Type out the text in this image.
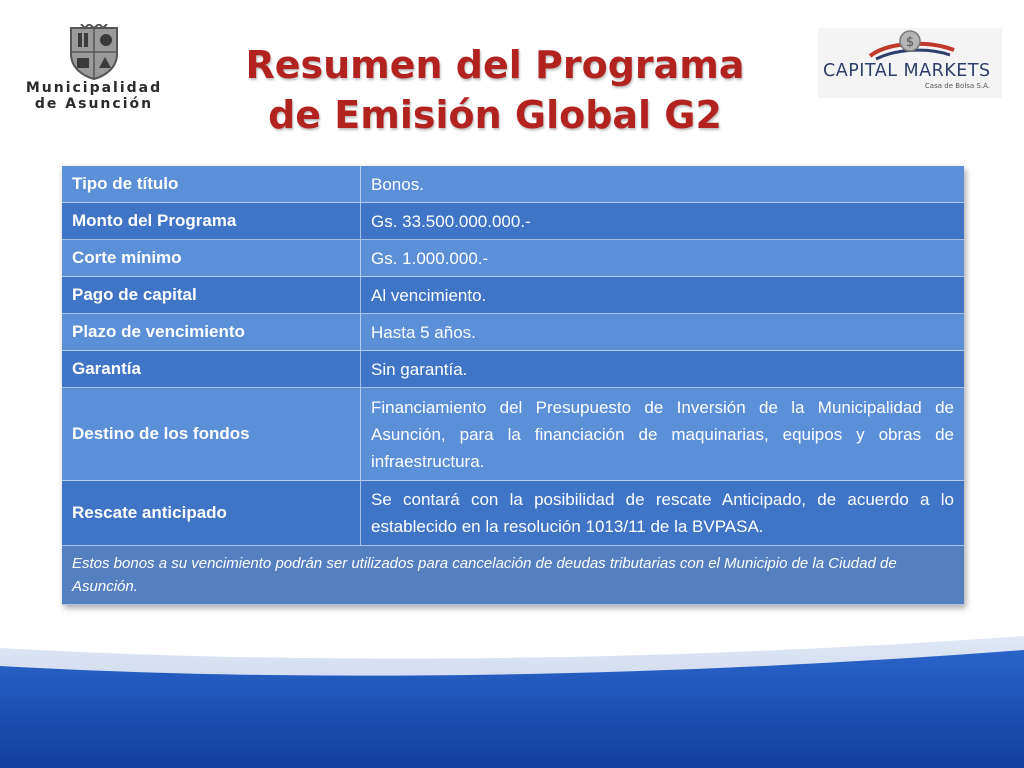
Municipalidad
de Asunción
Resumen del Programa
de Emisión Global G2
$
CAPITAL MARKETS
Casa de Bolsa S.A.
Tipo de título	Bonos.
Monto del Programa	Gs. 33.500.000.000.-
Corte mínimo	Gs. 1.000.000.-
Pago de capital	Al vencimiento.
Plazo de vencimiento	Hasta 5 años.
Garantía	Sin garantía.
Destino de los fondos	Financiamiento del Presupuesto de Inversión de la Municipalidad de Asunción, para la financiación de maquinarias, equipos y obras de infraestructura.
Rescate anticipado	Se contará con la posibilidad de rescate Anticipado, de acuerdo a lo establecido en la resolución 1013/11 de la BVPASA.
Estos bonos a su vencimiento podrán ser utilizados para cancelación de deudas tributarias con el Municipio de la Ciudad de Asunción.	
